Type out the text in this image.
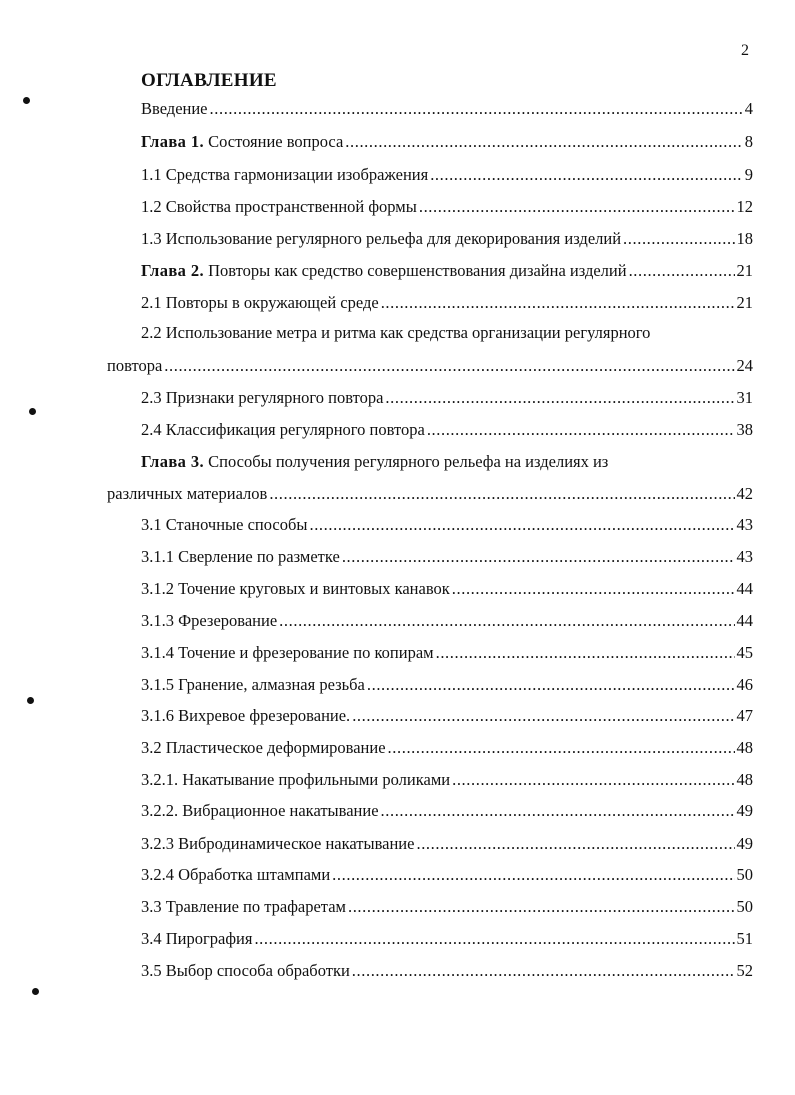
2
ОГЛАВЛЕНИЕ
Введение .....	4
Глава 1. Состояние вопроса .....	8
1.1 Средства гармонизации изображения .....	9
1.2 Свойства пространственной формы .....	12
1.3 Использование регулярного рельефа для декорирования изделий .....	18
Глава 2. Повторы как средство совершенствования дизайна изделий .....	21
2.1 Повторы в окружающей среде .....	21
2.2 Использование метра и ритма как средства организации регулярного
повтора .....	24
2.3 Признаки регулярного повтора .....	31
2.4 Классификация регулярного повтора .....	38
Глава 3. Способы получения регулярного рельефа на изделиях из
различных материалов .....	42
3.1 Станочные способы .....	43
3.1.1 Сверление по разметке .....	43
3.1.2 Точение круговых и винтовых канавок .....	44
3.1.3 Фрезерование .....	44
3.1.4 Точение и фрезерование по копирам .....	45
3.1.5 Гранение, алмазная резьба .....	46
3.1.6 Вихревое фрезерование. .....	47
3.2 Пластическое деформирование .....	48
3.2.1. Накатывание профильными роликами .....	48
3.2.2. Вибрационное накатывание .....	49
3.2.3 Вибродинамическое накатывание .....	49
3.2.4 Обработка штампами .....	50
3.3 Травление по трафаретам .....	50
3.4 Пирография .....	51
3.5 Выбор способа обработки .....	52
